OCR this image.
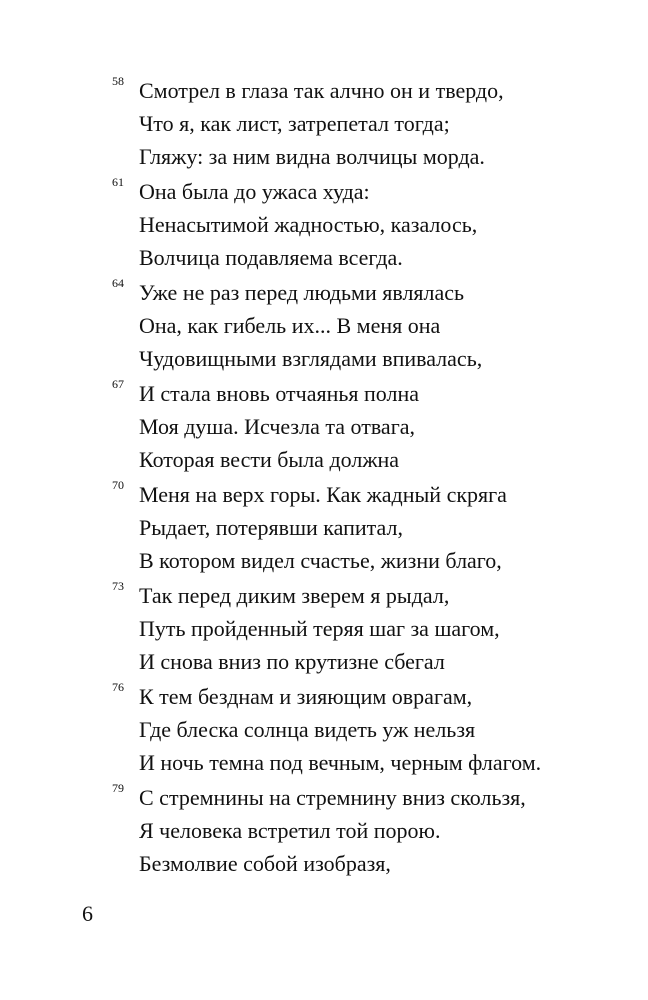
58 Смотрел в глаза так алчно он и твердо,
Что я, как лист, затрепетал тогда;
Гляжу: за ним видна волчицы морда.
61 Она была до ужаса худа:
Ненасытимой жадностью, казалось,
Волчица подавляема всегда.
64 Уже не раз перед людьми являлась
Она, как гибель их... В меня она
Чудовищными взглядами впивалась,
67 И стала вновь отчаянья полна
Моя душа. Исчезла та отвага,
Которая вести была должна
70 Меня на верх горы. Как жадный скряга
Рыдает, потерявши капитал,
В котором видел счастье, жизни благо,
73 Так перед диким зверем я рыдал,
Путь пройденный теряя шаг за шагом,
И снова вниз по крутизне сбегал
76 К тем безднам и зияющим оврагам,
Где блеска солнца видеть уж нельзя
И ночь темна под вечным, черным флагом.
79 С стремнины на стремнину вниз скользя,
Я человека встретил той порою.
Безмолвие собой изобразя,
6
